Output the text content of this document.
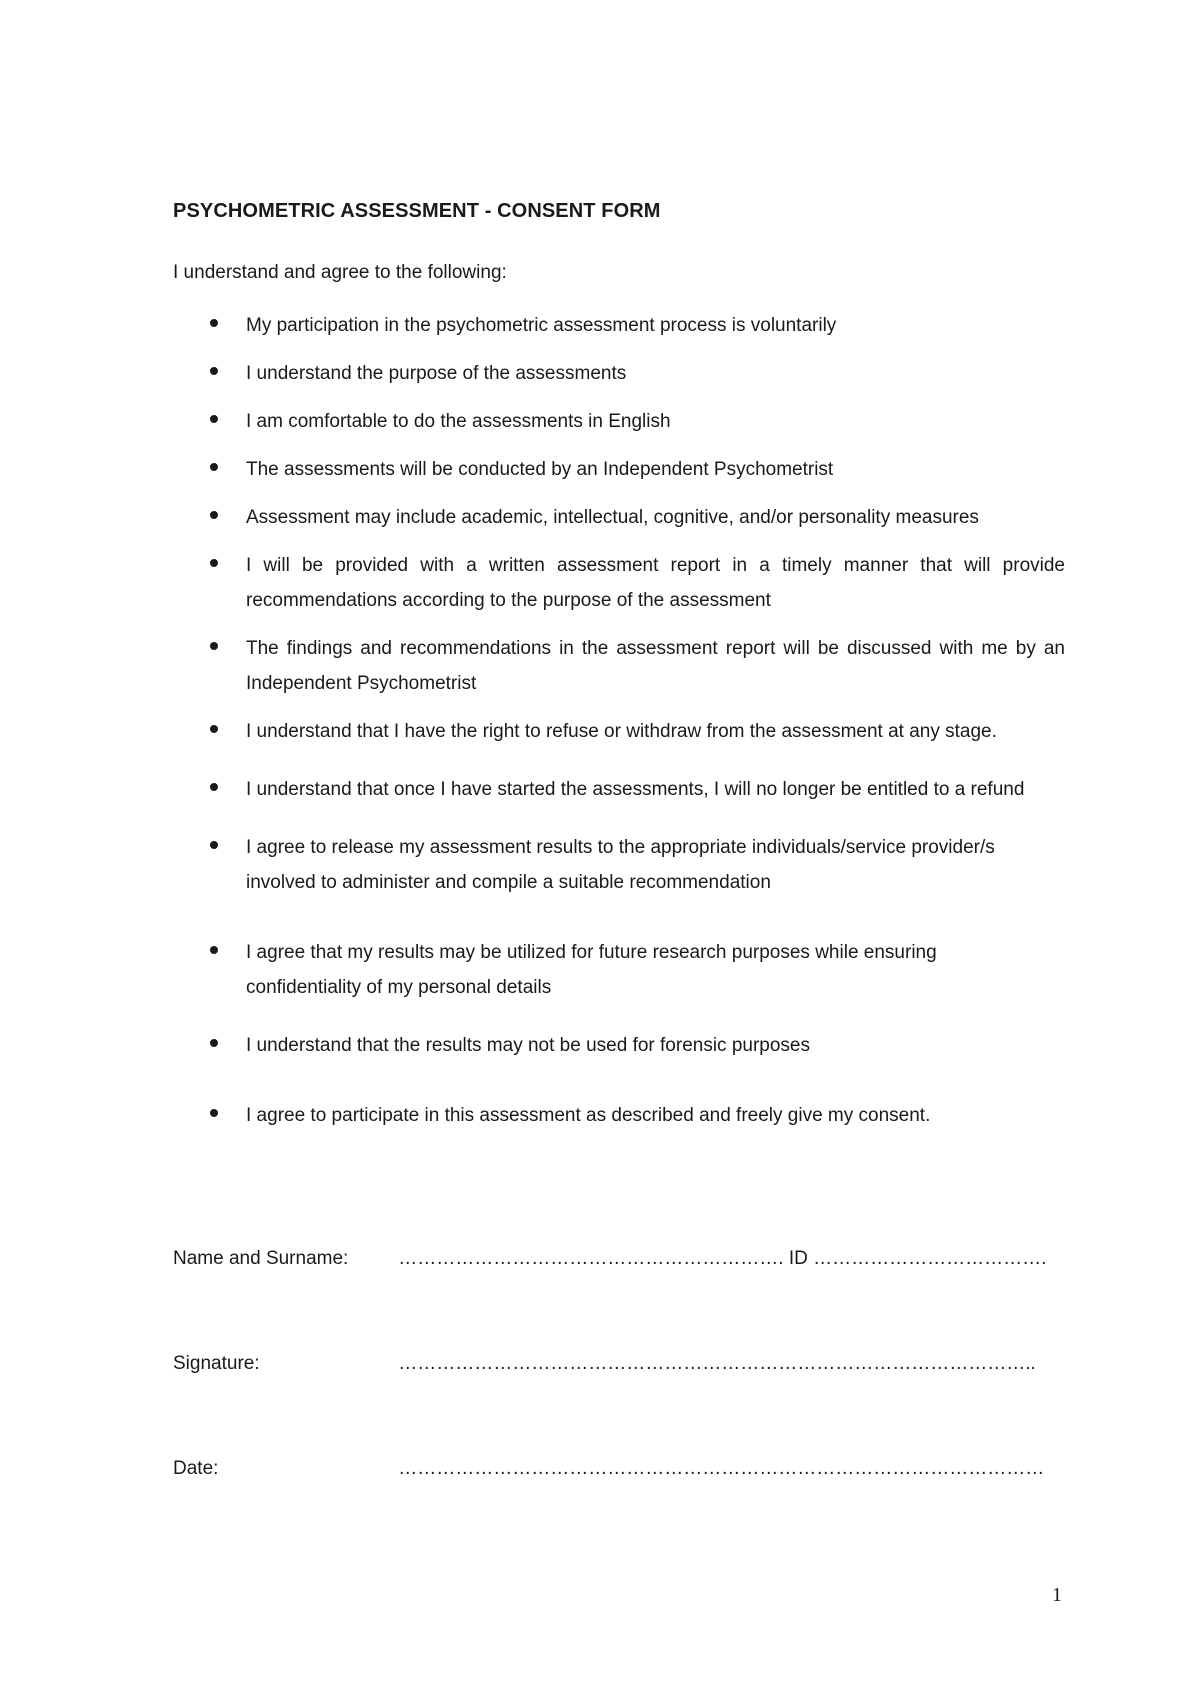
PSYCHOMETRIC ASSESSMENT - CONSENT FORM
I understand and agree to the following:
My participation in the psychometric assessment process is voluntarily
I understand the purpose of the assessments
I am comfortable to do the assessments in English
The assessments will be conducted by an Independent Psychometrist
Assessment may include academic, intellectual, cognitive, and/or personality measures
I will be provided with a written assessment report in a timely manner that will provide recommendations according to the purpose of the assessment
The findings and recommendations in the assessment report will be discussed with me by an Independent Psychometrist
I understand that I have the right to refuse or withdraw from the assessment at any stage.
I understand that once I have started the assessments, I will no longer be entitled to a refund
I agree to release my assessment results to the appropriate individuals/service provider/s involved to administer and compile a suitable recommendation
I agree that my results may be utilized for future research purposes while ensuring confidentiality of my personal details
I understand that the results may not be used for forensic purposes
I agree to participate in this assessment as described and freely give my consent.
Name and Surname:	……………………………………………………. ID ……………………………….
Signature:	………………………………………………………………………………………..
Date:	…………………………………………………………………………………………
1
